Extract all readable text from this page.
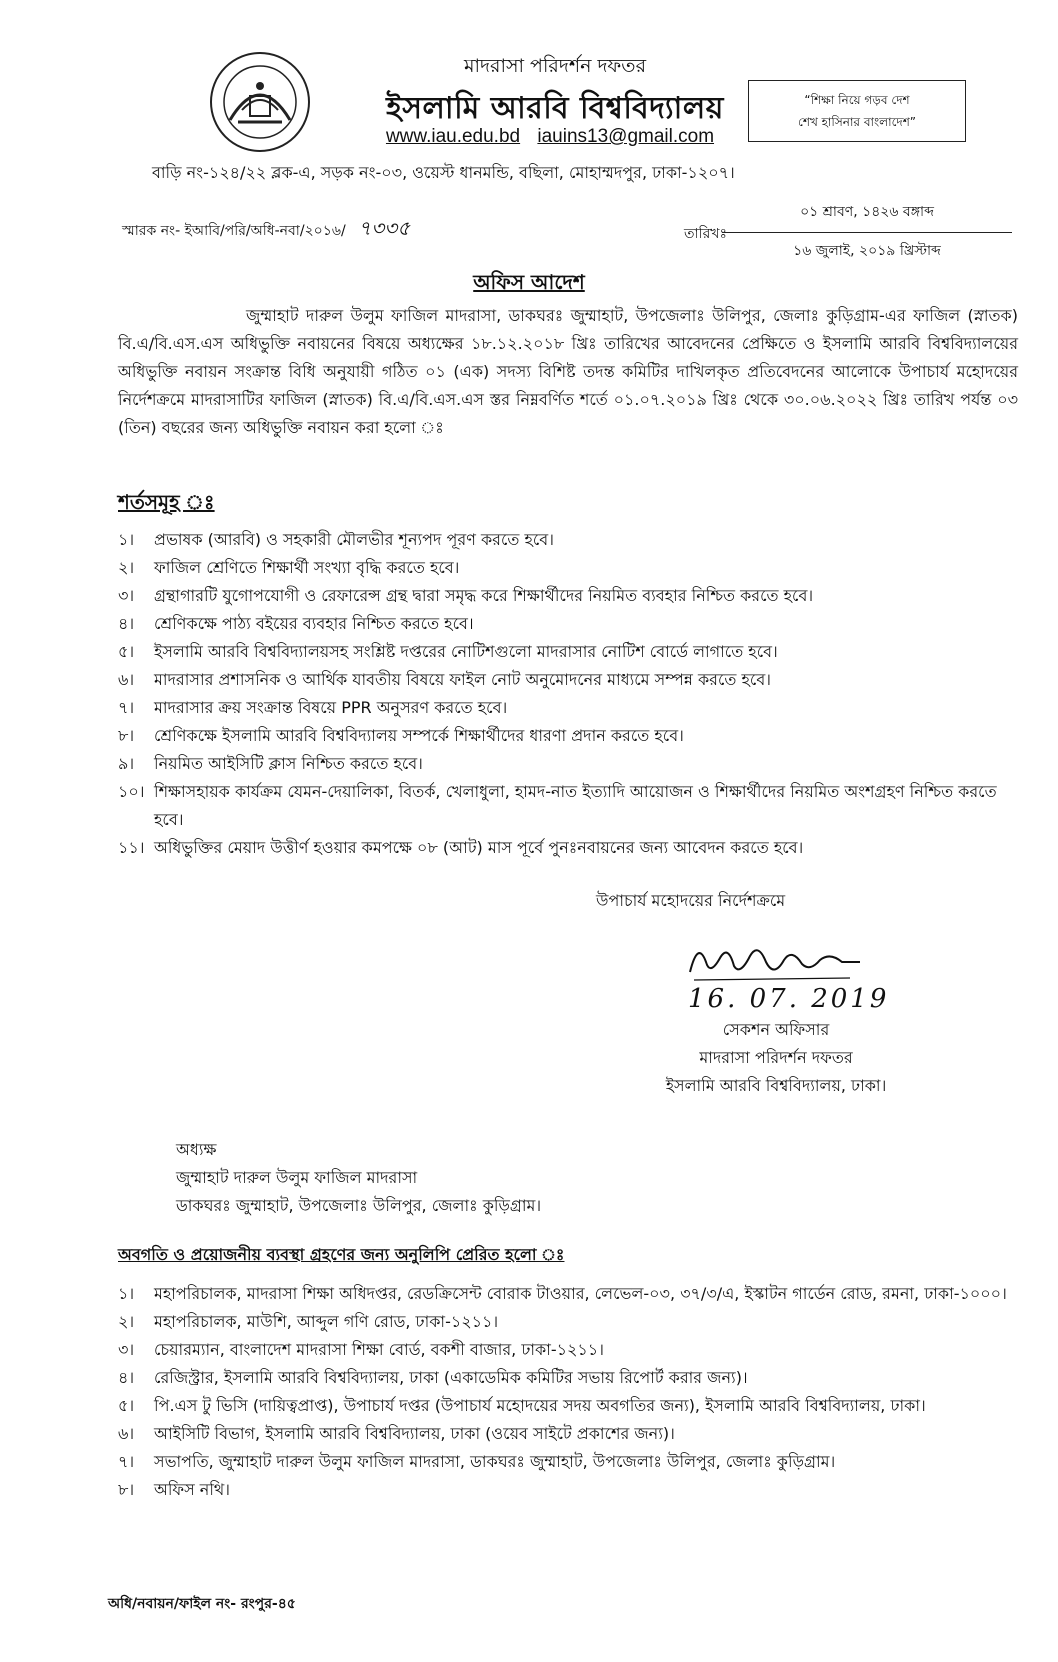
মাদরাসা পরিদর্শন দফতর
ইসলামি আরবি বিশ্ববিদ্যালয়
www.iau.edu.bd iauins13@gmail.com
“শিক্ষা নিয়ে গড়ব দেশ
শেখ হাসিনার বাংলাদেশ”
বাড়ি নং-১২৪/২২ ব্লক-এ, সড়ক নং-০৩, ওয়েস্ট ধানমন্ডি, বছিলা, মোহাম্মদপুর, ঢাকা-১২০৭।
স্মারক নং- ইআবি/পরি/অধি-নবা/২০১৬/ ৭৩৩৫	তারিখঃ
০১ শ্রাবণ, ১৪২৬ বঙ্গাব্দ
১৬ জুলাই, ২০১৯ খ্রিস্টাব্দ
অফিস আদেশ
জুম্মাহাট দারুল উলুম ফাজিল মাদরাসা, ডাকঘরঃ জুম্মাহাট, উপজেলাঃ উলিপুর, জেলাঃ কুড়িগ্রাম-এর ফাজিল (স্নাতক) বি.এ/বি.এস.এস অধিভুক্তি নবায়নের বিষয়ে অধ্যক্ষের ১৮.১২.২০১৮ খ্রিঃ তারিখের আবেদনের প্রেক্ষিতে ও ইসলামি আরবি বিশ্ববিদ্যালয়ের অধিভুক্তি নবায়ন সংক্রান্ত বিধি অনুযায়ী গঠিত ০১ (এক) সদস্য বিশিষ্ট তদন্ত কমিটির দাখিলকৃত প্রতিবেদনের আলোকে উপাচার্য মহোদয়ের নির্দেশক্রমে মাদরাসাটির ফাজিল (স্নাতক) বি.এ/বি.এস.এস স্তর নিম্নবর্ণিত শর্তে ০১.০৭.২০১৯ খ্রিঃ থেকে ৩০.০৬.২০২২ খ্রিঃ তারিখ পর্যন্ত ০৩ (তিন) বছরের জন্য অধিভুক্তি নবায়ন করা হলো ঃ
শর্তসমূহ ঃ
১।	প্রভাষক (আরবি) ও সহকারী মৌলভীর শূন্যপদ পূরণ করতে হবে।
২।	ফাজিল শ্রেণিতে শিক্ষার্থী সংখ্যা বৃদ্ধি করতে হবে।
৩।	গ্রন্থাগারটি যুগোপযোগী ও রেফারেন্স গ্রন্থ দ্বারা সমৃদ্ধ করে শিক্ষার্থীদের নিয়মিত ব্যবহার নিশ্চিত করতে হবে।
৪।	শ্রেণিকক্ষে পাঠ্য বইয়ের ব্যবহার নিশ্চিত করতে হবে।
৫।	ইসলামি আরবি বিশ্ববিদ্যালয়সহ সংশ্লিষ্ট দপ্তরের নোটিশগুলো মাদরাসার নোটিশ বোর্ডে লাগাতে হবে।
৬।	মাদরাসার প্রশাসনিক ও আর্থিক যাবতীয় বিষয়ে ফাইল নোট অনুমোদনের মাধ্যমে সম্পন্ন করতে হবে।
৭।	মাদরাসার ক্রয় সংক্রান্ত বিষয়ে PPR অনুসরণ করতে হবে।
৮।	শ্রেণিকক্ষে ইসলামি আরবি বিশ্ববিদ্যালয় সম্পর্কে শিক্ষার্থীদের ধারণা প্রদান করতে হবে।
৯।	নিয়মিত আইসিটি ক্লাস নিশ্চিত করতে হবে।
১০। শিক্ষাসহায়ক কার্যক্রম যেমন-দেয়ালিকা, বিতর্ক, খেলাধুলা, হামদ-নাত ইত্যাদি আয়োজন ও শিক্ষার্থীদের নিয়মিত অংশগ্রহণ নিশ্চিত করতে হবে।
১১। অধিভুক্তির মেয়াদ উত্তীর্ণ হওয়ার কমপক্ষে ০৮ (আট) মাস পূর্বে পুনঃনবায়নের জন্য আবেদন করতে হবে।
উপাচার্য মহোদয়ের নির্দেশক্রমে
16. 07. 2019
সেকশন অফিসার
মাদরাসা পরিদর্শন দফতর
ইসলামি আরবি বিশ্ববিদ্যালয়, ঢাকা।
অধ্যক্ষ
জুম্মাহাট দারুল উলুম ফাজিল মাদরাসা
ডাকঘরঃ জুম্মাহাট, উপজেলাঃ উলিপুর, জেলাঃ কুড়িগ্রাম।
অবগতি ও প্রয়োজনীয় ব্যবস্থা গ্রহণের জন্য অনুলিপি প্রেরিত হলো ঃ
১।	মহাপরিচালক, মাদরাসা শিক্ষা অধিদপ্তর, রেডক্রিসেন্ট বোরাক টাওয়ার, লেভেল-০৩, ৩৭/৩/এ, ইস্কাটন গার্ডেন রোড, রমনা, ঢাকা-১০০০।
২।	মহাপরিচালক, মাউশি, আব্দুল গণি রোড, ঢাকা-১২১১।
৩।	চেয়ারম্যান, বাংলাদেশ মাদরাসা শিক্ষা বোর্ড, বকশী বাজার, ঢাকা-১২১১।
৪।	রেজিস্ট্রার, ইসলামি আরবি বিশ্ববিদ্যালয়, ঢাকা (একাডেমিক কমিটির সভায় রিপোর্ট করার জন্য)।
৫।	পি.এস টু ভিসি (দায়িত্বপ্রাপ্ত), উপাচার্য দপ্তর (উপাচার্য মহোদয়ের সদয় অবগতির জন্য), ইসলামি আরবি বিশ্ববিদ্যালয়, ঢাকা।
৬।	আইসিটি বিভাগ, ইসলামি আরবি বিশ্ববিদ্যালয়, ঢাকা (ওয়েব সাইটে প্রকাশের জন্য)।
৭।	সভাপতি, জুম্মাহাট দারুল উলুম ফাজিল মাদরাসা, ডাকঘরঃ জুম্মাহাট, উপজেলাঃ উলিপুর, জেলাঃ কুড়িগ্রাম।
৮।	অফিস নথি।
অধি/নবায়ন/ফাইল নং- রংপুর-৪৫
